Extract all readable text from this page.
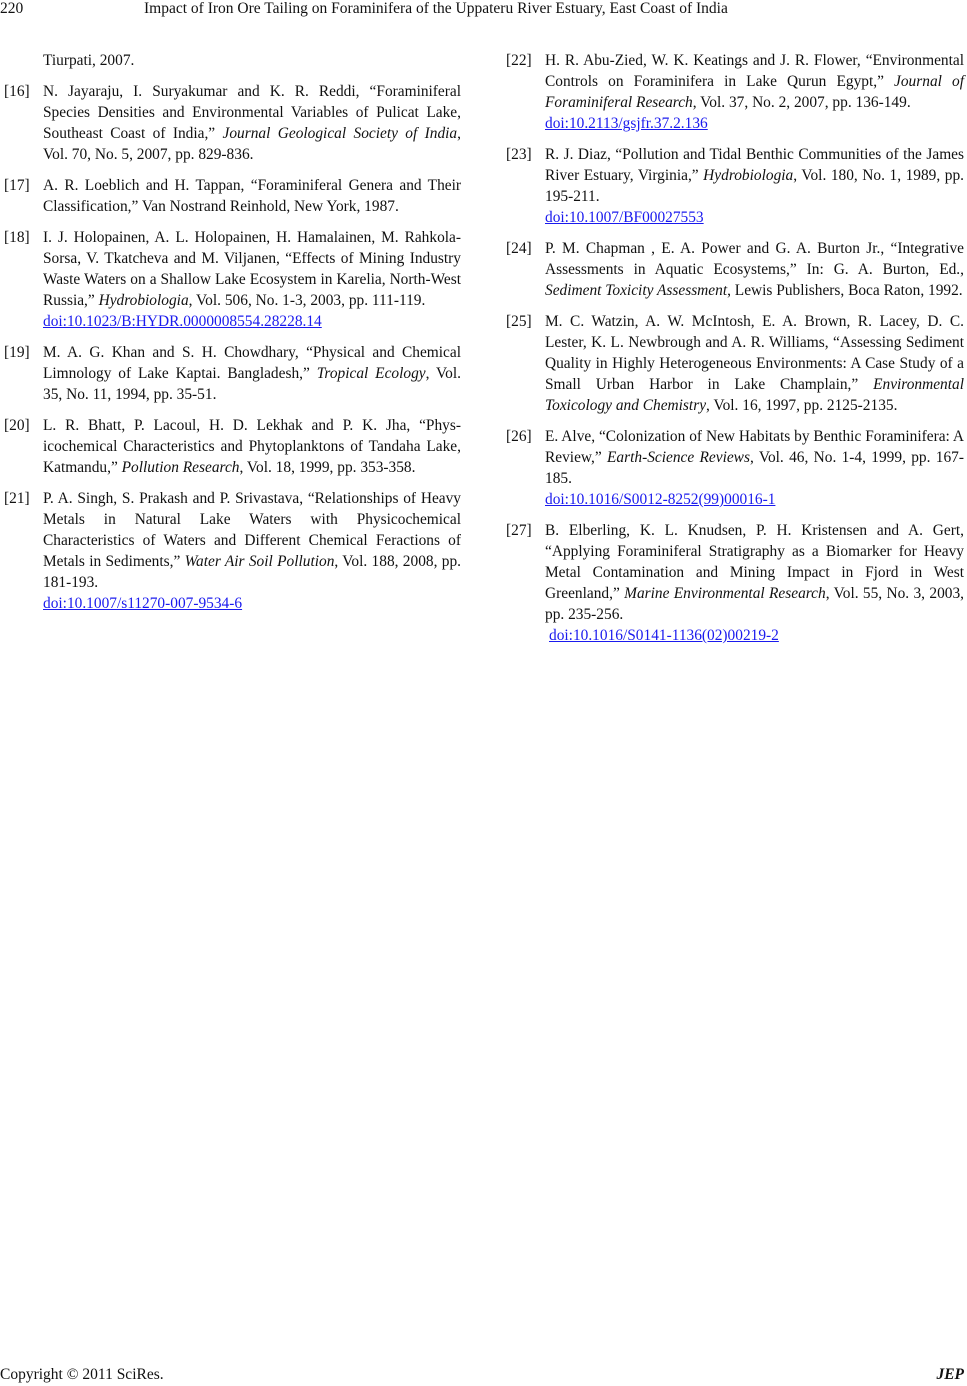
220	Impact of Iron Ore Tailing on Foraminifera of the Uppateru River Estuary, East Coast of India
Tiurpati, 2007.
[16] N. Jayaraju, I. Suryakumar and K. R. Reddi, “Foraminiferal Species Densities and Environmental Variables of Pulicat Lake, Southeast Coast of India,” Journal Geological Society of India, Vol. 70, No. 5, 2007, pp. 829-836.
[17] A. R. Loeblich and H. Tappan, “Foraminiferal Genera and Their Classification,” Van Nostrand Reinhold, New York, 1987.
[18] I. J. Holopainen, A. L. Holopainen, H. Hamalainen, M. Rahkola-Sorsa, V. Tkatcheva and M. Viljanen, “Effects of Mining Industry Waste Waters on a Shallow Lake Ecosystem in Karelia, North-West Russia,” Hydrobiologia, Vol. 506, No. 1-3, 2003, pp. 111-119.
doi:10.1023/B:HYDR.0000008554.28228.14
[19] M. A. G. Khan and S. H. Chowdhary, “Physical and Chemical Limnology of Lake Kaptai. Bangladesh,” Tropical Ecology, Vol. 35, No. 11, 1994, pp. 35-51.
[20] L. R. Bhatt, P. Lacoul, H. D. Lekhak and P. K. Jha, “Physicochemical Characteristics and Phytoplanktons of Tandaha Lake, Katmandu,” Pollution Research, Vol. 18, 1999, pp. 353-358.
[21] P. A. Singh, S. Prakash and P. Srivastava, “Relationships of Heavy Metals in Natural Lake Waters with Physicochemical Characteristics of Waters and Different Chemical Feractions of Metals in Sediments,” Water Air Soil Pollution, Vol. 188, 2008, pp. 181-193.
doi:10.1007/s11270-007-9534-6
[22] H. R. Abu-Zied, W. K. Keatings and J. R. Flower, “Environmental Controls on Foraminifera in Lake Qurun Egypt,” Journal of Foraminiferal Research, Vol. 37, No. 2, 2007, pp. 136-149.
doi:10.2113/gsjfr.37.2.136
[23] R. J. Diaz, “Pollution and Tidal Benthic Communities of the James River Estuary, Virginia,” Hydrobiologia, Vol. 180, No. 1, 1989, pp. 195-211.
doi:10.1007/BF00027553
[24] P. M. Chapman , E. A. Power and G. A. Burton Jr., “Integrative Assessments in Aquatic Ecosystems,” In: G. A. Burton, Ed., Sediment Toxicity Assessment, Lewis Publishers, Boca Raton, 1992.
[25] M. C. Watzin, A. W. McIntosh, E. A. Brown, R. Lacey, D. C. Lester, K. L. Newbrough and A. R. Williams, “Assessing Sediment Quality in Highly Heterogeneous Environments: A Case Study of a Small Urban Harbor in Lake Champlain,” Environmental Toxicology and Chemistry, Vol. 16, 1997, pp. 2125-2135.
[26] E. Alve, “Colonization of New Habitats by Benthic Foraminifera: A Review,” Earth-Science Reviews, Vol. 46, No. 1-4, 1999, pp. 167-185.
doi:10.1016/S0012-8252(99)00016-1
[27] B. Elberling, K. L. Knudsen, P. H. Kristensen and A. Gert, “Applying Foraminiferal Stratigraphy as a Biomarker for Heavy Metal Contamination and Mining Impact in Fjord in West Greenland,” Marine Environmental Research, Vol. 55, No. 3, 2003, pp. 235-256.
doi:10.1016/S0141-1136(02)00219-2
Copyright © 2011 SciRes.	JEP
